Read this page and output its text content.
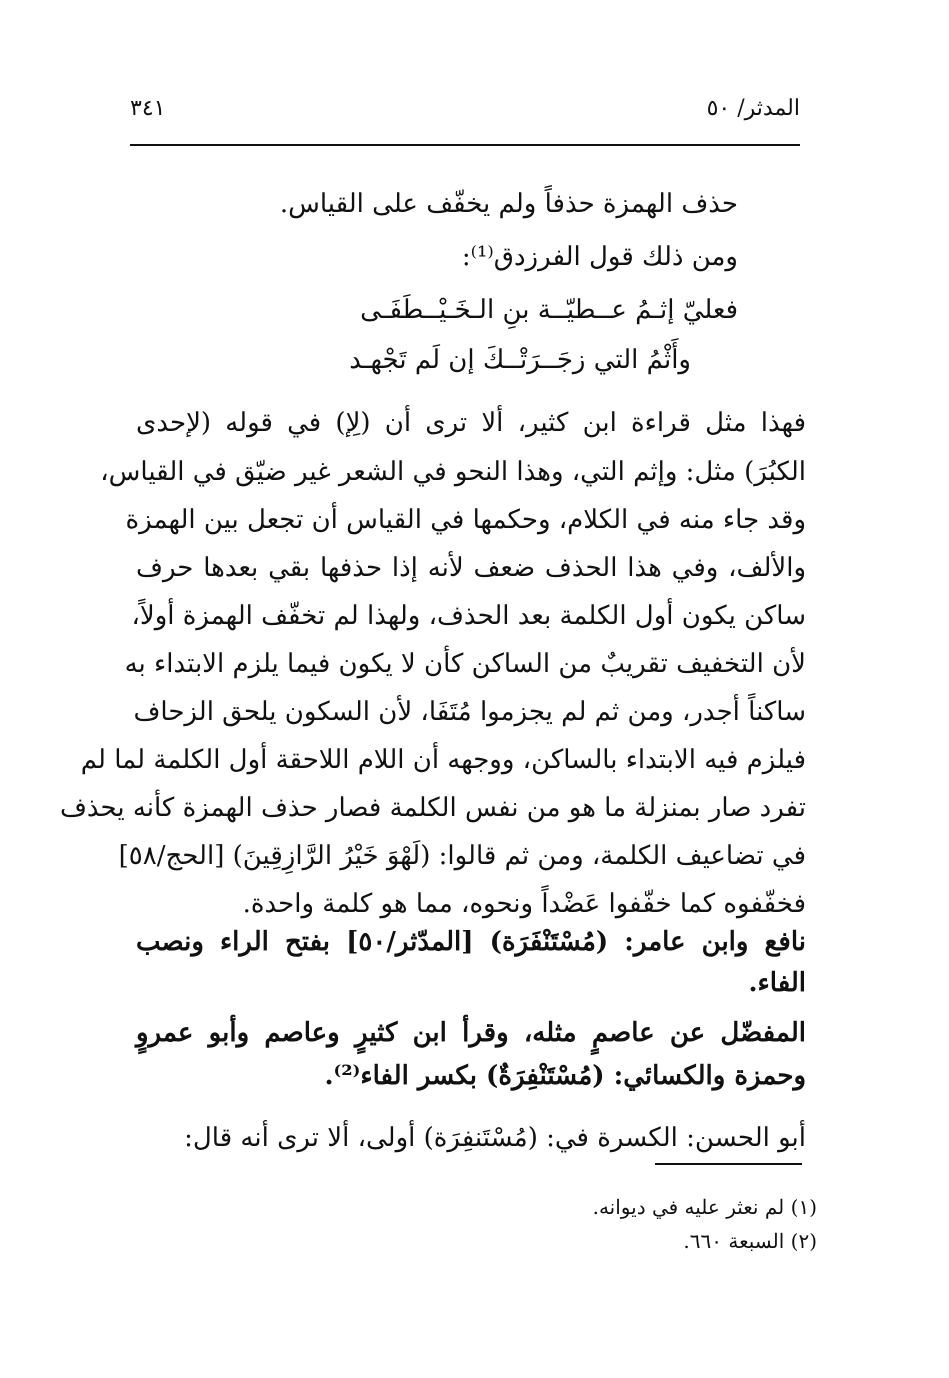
المدثر/ ٥٠
٣٤١
حذف الهمزة حذفاً ولم يخفّف على القياس.
ومن ذلك قول الفرزدق⁽¹⁾:
فعليّ إثـمُ عــطيّــة بنِ الـخَـيْــطَفَـى
وأَثْمُ التي زجَــرَتْــكَ إن لَم تَجْهـد
فهذا مثل قراءة ابن كثير، ألا ترى أن (لِإ) في قوله (لإحدى
الكبُرَ) مثل: وإثم التي، وهذا النحو في الشعر غير ضيّق في القياس،
وقد جاء منه في الكلام، وحكمها في القياس أن تجعل بين الهمزة
والألف، وفي هذا الحذف ضعف لأنه إذا حذفها بقي بعدها حرف
ساكن يكون أول الكلمة بعد الحذف، ولهذا لم تخفّف الهمزة أولاً،
لأن التخفيف تقريبٌ من الساكن كأن لا يكون فيما يلزم الابتداء به
ساكناً أجدر، ومن ثم لم يجزموا مُتَفَا، لأن السكون يلحق الزحاف
فيلزم فيه الابتداء بالساكن، ووجهه أن اللام اللاحقة أول الكلمة لما لم
تفرد صار بمنزلة ما هو من نفس الكلمة فصار حذف الهمزة كأنه يحذف
في تضاعيف الكلمة، ومن ثم قالوا: (لَهْوَ خَيْرُ الرَّازِقِينَ) [الحج/٥٨]
فخفّفوه كما خفّفوا عَضْداً ونحوه، مما هو كلمة واحدة.
نافع وابن عامر: (مُسْتَنْفَرَة) [المدّثر/٥٠] بفتح الراء ونصب
الفاء.
المفضّل عن عاصمٍ مثله، وقرأ ابن كثيرٍ وعاصم وأبو عمروٍ
وحمزة والكسائي: (مُسْتَنْفِرَةٌ) بكسر الفاء⁽²⁾.
أبو الحسن: الكسرة في: (مُسْتَنفِرَة) أولى، ألا ترى أنه قال:
(١) لم نعثر عليه في ديوانه.
(٢) السبعة ٦٦٠.
